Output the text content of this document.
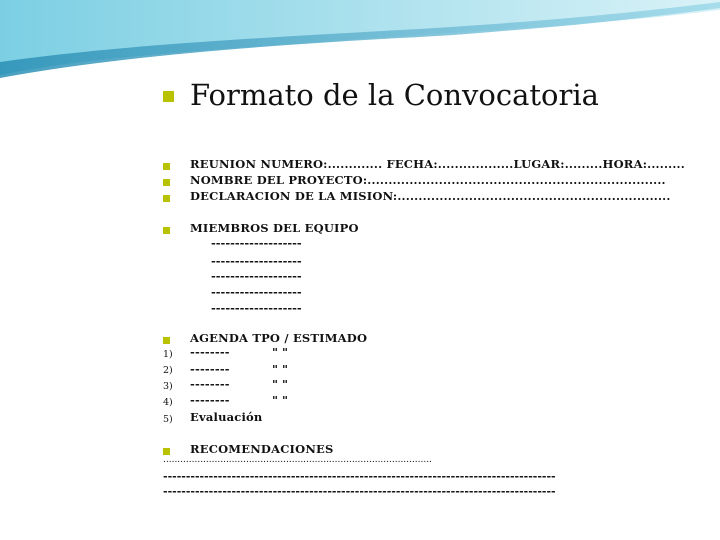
Formato de la Convocatoria
REUNION NUMERO:............. FECHA:..................LUGAR:.........HORA:.........
NOMBRE DEL PROYECTO:.......................................................................
DECLARACION DE LA MISION:.................................................................
MIEMBROS DEL EQUIPO
-------------------
-------------------
-------------------
-------------------
-------------------
AGENDA TPO / ESTIMADO
1) --------	" "
2) --------	" "
3) --------	" "
4) --------	" "
5) Evaluación
RECOMENDACIONES
..............................................................................................
--------------------------------------------------------------------------------------
--------------------------------------------------------------------------------------
